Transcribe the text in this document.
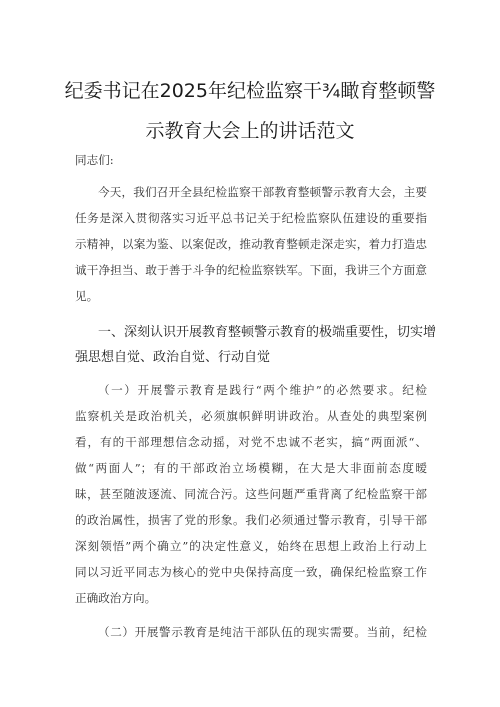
纪委书记在2025年纪检监察干¾瞰育整顿警
示教育大会上的讲话范文
同志们:
今天，我们召开全县纪检监察干部教育整顿警示教育大会，主要
任务是深入贯彻落实习近平总书记关于纪检监察队伍建设的重要指
示精神，以案为鉴、以案促改，推动教育整顿走深走实，着力打造忠
诚干净担当、敢于善于斗争的纪检监察铁军。下面，我讲三个方面意
见。
一、深刻认识开展教育整顿警示教育的极端重要性，切实增
强思想自觉、政治自觉、行动自觉
（一）开展警示教育是践行“两个维护”的必然要求。纪检
监察机关是政治机关，必须旗帜鲜明讲政治。从查处的典型案例
看，有的干部理想信念动摇，对党不忠诚不老实，搞“两面派“、
做“两面人”；有的干部政治立场模糊，在大是大非面前态度暧
昧，甚至随波逐流、同流合污。这些问题严重背离了纪检监察干部
的政治属性，损害了党的形象。我们必须通过警示教育，引导干部
深刻领悟”两个确立”的决定性意义，始终在思想上政治上行动上
同以习近平同志为核心的党中央保持高度一致，确保纪检监察工作
正确政治方向。
（二）开展警示教育是纯洁干部队伍的现实需要。当前，纪检
